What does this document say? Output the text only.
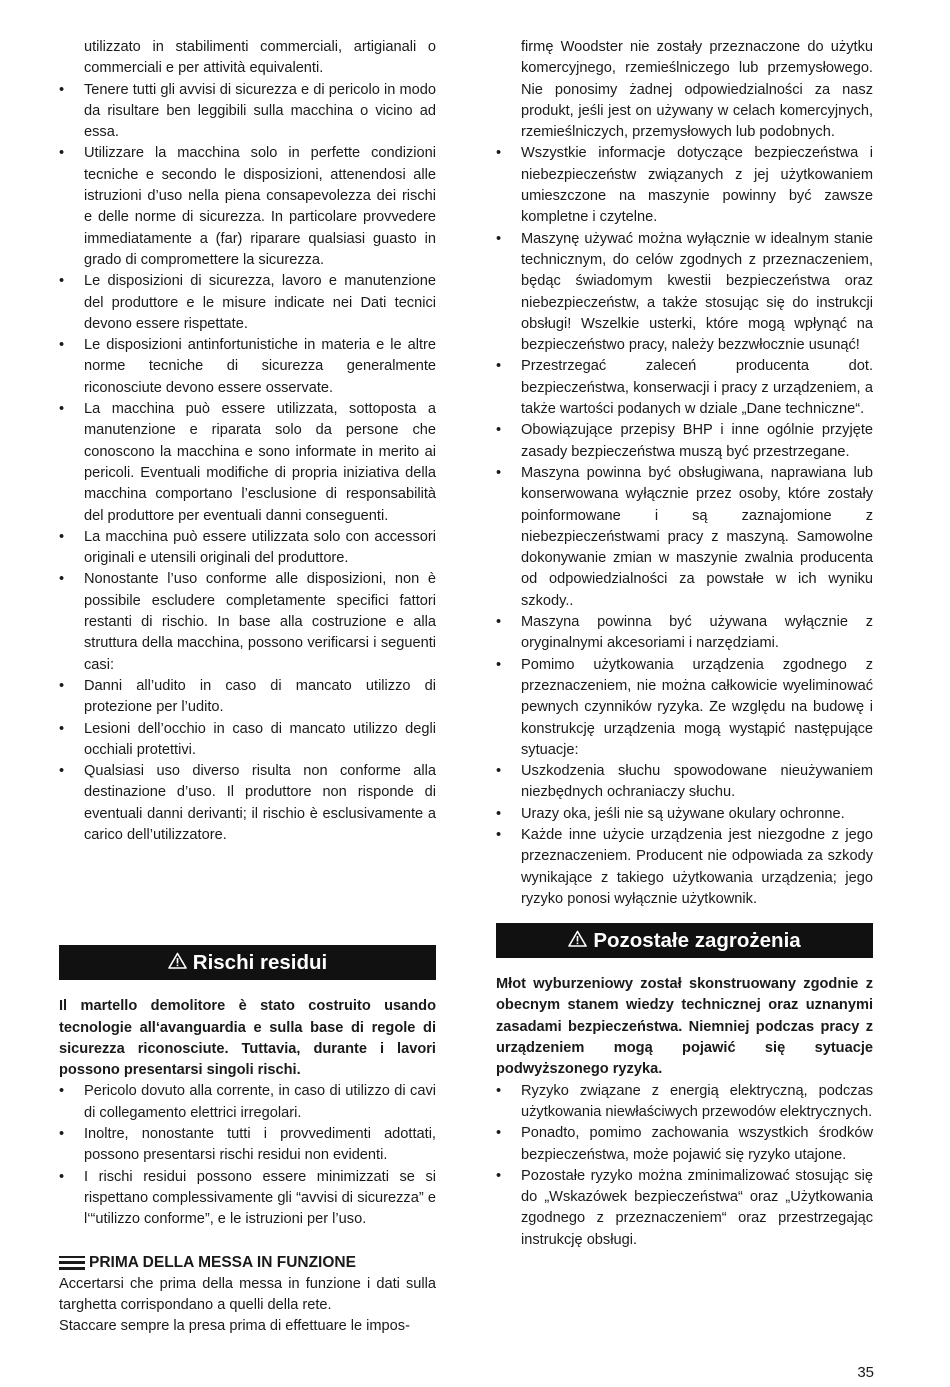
utilizzato in stabilimenti commerciali, artigianali o commerciali e per attività equivalenti.

• Tenere tutti gli avvisi di sicurezza e di pericolo in modo da risultare ben leggibili sulla macchina o vicino ad essa.
• Utilizzare la macchina solo in perfette condizioni tecniche e secondo le disposizioni, attenendosi alle istruzioni d’uso nella piena consapevolezza dei rischi e delle norme di sicurezza. In particolare provvedere immediatamente a (far) riparare qualsiasi guasto in grado di compromettere la sicurezza.
• Le disposizioni di sicurezza, lavoro e manutenzione del produttore e le misure indicate nei Dati tecnici devono essere rispettate.
• Le disposizioni antinfortunistiche in materia e le altre norme tecniche di sicurezza generalmente riconosciute devono essere osservate.
• La macchina può essere utilizzata, sottoposta a manutenzione e riparata solo da persone che conoscono la macchina e sono informate in merito ai pericoli. Eventuali modifiche di propria iniziativa della macchina comportano l’esclusione di responsabilità del produttore per eventuali danni conseguenti.
• La macchina può essere utilizzata solo con accessori originali e utensili originali del produttore.
• Nonostante l’uso conforme alle disposizioni, non è possibile escludere completamente specifici fattori restanti di rischio. In base alla costruzione e alla struttura della macchina, possono verificarsi i seguenti casi:
• Danni all’udito in caso di mancato utilizzo di protezione per l’udito.
• Lesioni dell’occhio in caso di mancato utilizzo degli occhiali protettivi.
• Qualsiasi uso diverso risulta non conforme alla destinazione d’uso. Il produttore non risponde di eventuali danni derivanti; il rischio è esclusivamente a carico dell’utilizzatore.
Rischi residui

Il martello demolitore è stato costruito usando tecnologie all‘avanguardia e sulla base di regole di sicurezza riconosciute. Tuttavia, durante i lavori possono presentarsi singoli rischi.

• Pericolo dovuto alla corrente, in caso di utilizzo di cavi di collegamento elettrici irregolari.
• Inoltre, nonostante tutti i provvedimenti adottati, possono presentarsi rischi residui non evidenti.
• I rischi residui possono essere minimizzati se si rispettano complessivamente gli “avvisi di sicurezza” e l‘“utilizzo conforme”, e le istruzioni per l’uso.
PRIMA DELLA MESSA IN FUNZIONE

Accertarsi che prima della messa in funzione i dati sulla targhetta corrispondano a quelli della rete.

Staccare sempre la presa prima di effettuare le impos-

firmę Woodster nie zostały przeznaczone do użytku komercyjnego, rzemieślniczego lub przemysłowego. Nie ponosimy żadnej odpowiedzialności za nasz produkt, jeśli jest on używany w celach komercyjnych, rzemieślniczych, przemysłowych lub podobnych.

• Wszystkie informacje dotyczące bezpieczeństwa i niebezpieczeństw związanych z jej użytkowaniem umieszczone na maszynie powinny być zawsze kompletne i czytelne.
• Maszynę używać można wyłącznie w idealnym stanie technicznym, do celów zgodnych z przeznaczeniem, będąc świadomym kwestii bezpieczeństwa oraz niebezpieczeństw, a także stosując się do instrukcji obsługi! Wszelkie usterki, które mogą wpłynąć na bezpieczeństwo pracy, należy bezzwłocznie usunąć!
• Przestrzegać zaleceń producenta dot. bezpieczeństwa, konserwacji i pracy z urządzeniem, a także wartości podanych w dziale „Dane techniczne“.
• Obowiązujące przepisy BHP i inne ogólnie przyjęte zasady bezpieczeństwa muszą być przestrzegane.
• Maszyna powinna być obsługiwana, naprawiana lub konserwowana wyłącznie przez osoby, które zostały poinformowane i są zaznajomione z niebezpieczeństwami pracy z maszyną. Samowolne dokonywanie zmian w maszynie zwalnia producenta od odpowiedzialności za powstałe w ich wyniku szkody..
• Maszyna powinna być używana wyłącznie z oryginalnymi akcesoriami i narzędziami.
• Pomimo użytkowania urządzenia zgodnego z przeznaczeniem, nie można całkowicie wyeliminować pewnych czynników ryzyka. Ze względu na budowę i konstrukcję urządzenia mogą wystąpić następujące sytuacje:
• Uszkodzenia słuchu spowodowane nieużywaniem niezbędnych ochraniaczy słuchu.
• Urazy oka, jeśli nie są używane okulary ochronne.
• Każde inne użycie urządzenia jest niezgodne z jego przeznaczeniem. Producent nie odpowiada za szkody wynikające z takiego użytkowania urządzenia; jego ryzyko ponosi wyłącznie użytkownik.
Pozostałe zagrożenia

Młot wyburzeniowy został skonstruowany zgodnie z obecnym stanem wiedzy technicznej oraz uznanymi zasadami bezpieczeństwa. Niemniej podczas pracy z urządzeniem mogą pojawić się sytuacje podwyższonego ryzyka.

• Ryzyko związane z energią elektryczną, podczas użytkowania niewłaściwych przewodów elektrycznych.
• Ponadto, pomimo zachowania wszystkich środków bezpieczeństwa, może pojawić się ryzyko utajone.
• Pozostałe ryzyko można zminimalizować stosując się do „Wskazówek bezpieczeństwa“ oraz „Użytkowania zgodnego z przeznaczeniem“ oraz przestrzegając instrukcję obsługi.
35
